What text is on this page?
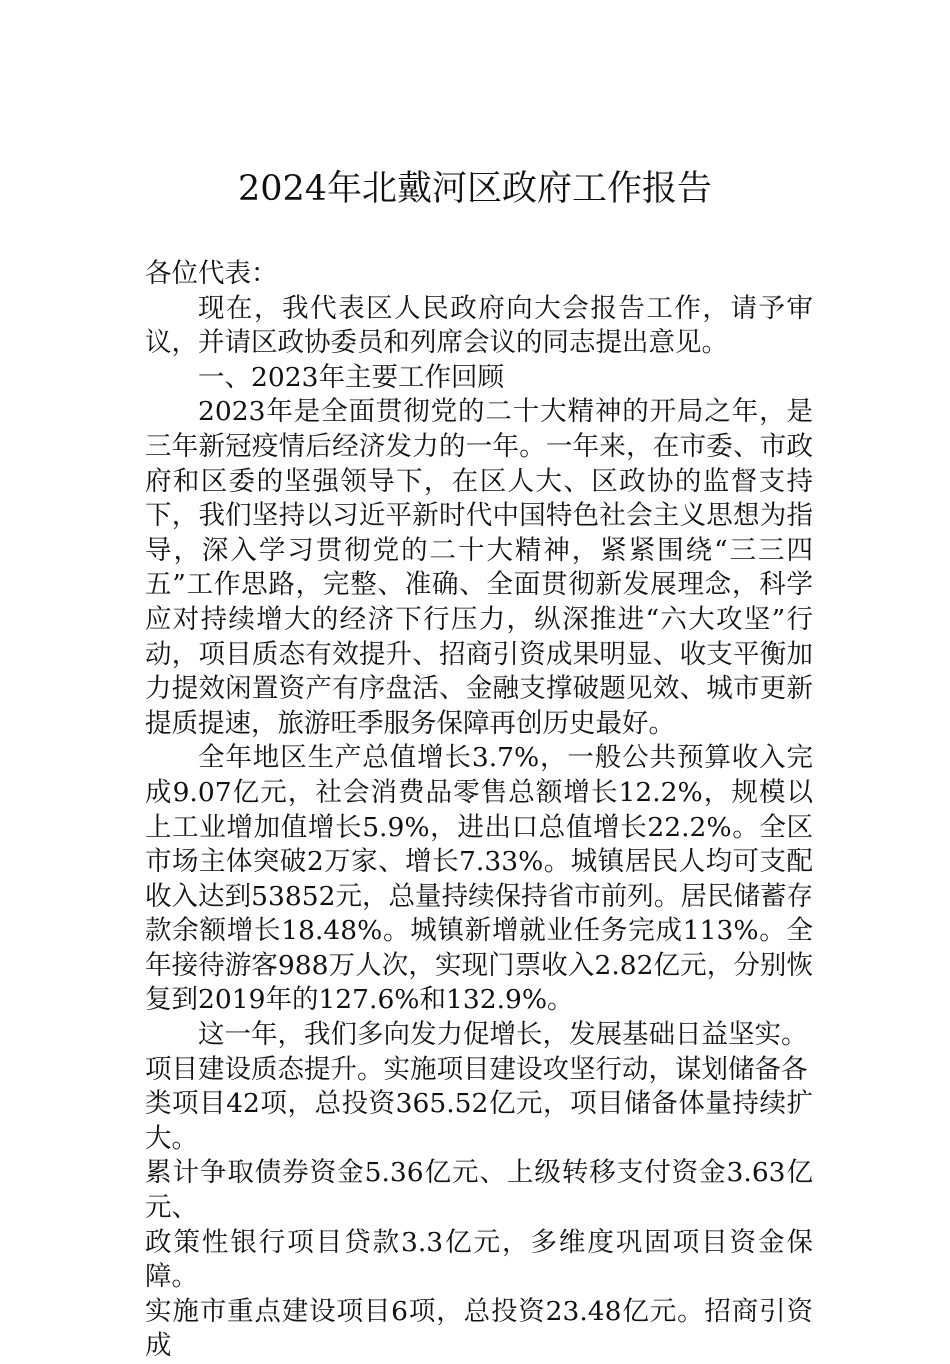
2024年北戴河区政府工作报告

各位代表：

现在，我代表区人民政府向大会报告工作，请予审议，并请区政协委员和列席会议的同志提出意见。

一、2023年主要工作回顾

2023年是全面贯彻党的二十大精神的开局之年，是三年新冠疫情后经济发力的一年。一年来，在市委、市政府和区委的坚强领导下，在区人大、区政协的监督支持下，我们坚持以习近平新时代中国特色社会主义思想为指导，深入学习贯彻党的二十大精神，紧紧围绕“三三四五”工作思路，完整、准确、全面贯彻新发展理念，科学应对持续增大的经济下行压力，纵深推进“六大攻坚”行动，项目质态有效提升、招商引资成果明显、收支平衡加力提效闲置资产有序盘活、金融支撑破题见效、城市更新提质提速，旅游旺季服务保障再创历史最好。

全年地区生产总值增长3.7%，一般公共预算收入完成9.07亿元，社会消费品零售总额增长12.2%，规模以上工业增加值增长5.9%，进出口总值增长22.2%。全区市场主体突破2万家、增长7.33%。城镇居民人均可支配收入达到53852元，总量持续保持省市前列。居民储蓄存款余额增长18.48%。城镇新增就业任务完成113%。全年接待游客988万人次，实现门票收入2.82亿元，分别恢复到2019年的127.6%和132.9%。

这一年，我们多向发力促增长，发展基础日益坚实。

项目建设质态提升。实施项目建设攻坚行动，谋划储备各

类项目42项，总投资365.52亿元，项目储备体量持续扩大。

累计争取债券资金5.36亿元、上级转移支付资金3.63亿元、

政策性银行项目贷款3.3亿元，多维度巩固项目资金保障。

实施市重点建设项目6项，总投资23.48亿元。招商引资成
